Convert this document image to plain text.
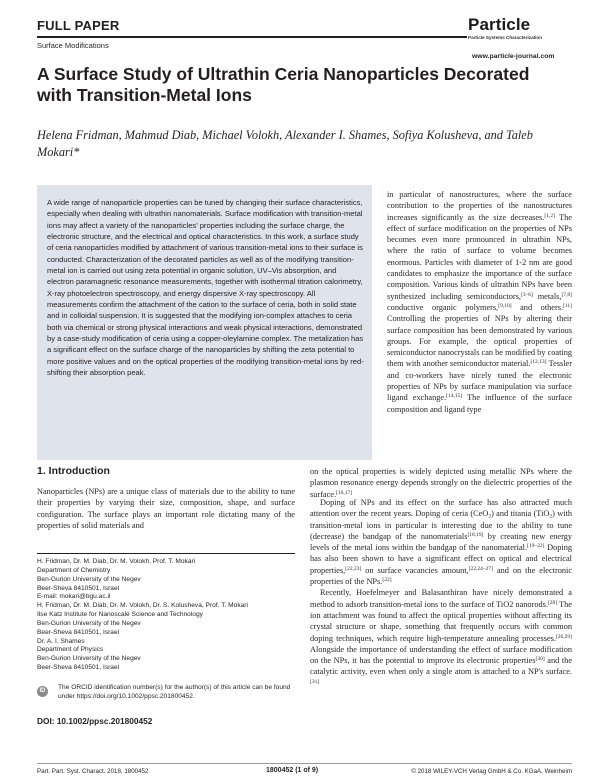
FULL PAPER
Surface Modifications
Particle
Particle Systems Characterization
www.particle-journal.com
A Surface Study of Ultrathin Ceria Nanoparticles Decorated with Transition-Metal Ions
Helena Fridman, Mahmud Diab, Michael Volokh, Alexander I. Shames, Sofiya Kolusheva, and Taleb Mokari*
A wide range of nanoparticle properties can be tuned by changing their surface characteristics, especially when dealing with ultrathin nanomaterials. Surface modification with transition-metal ions may affect a variety of the nanoparticles' properties including the surface charge, the electronic structure, and the electrical and optical characteristics. In this work, a surface study of ceria nanoparticles modified by attachment of various transition-metal ions to their surface is conducted. Characterization of the decorated particles as well as of the modifying transition-metal ion is carried out using zeta potential in organic solution, UV–Vis absorption, and electron paramagnetic resonance measurements, together with isothermal titration calorimetry, X-ray photoelectron spectroscopy, and energy dispersive X-ray spectroscopy. All measurements confirm the attachment of the cation to the surface of ceria, both in solid state and in colloidal suspension. It is suggested that the modifying ion-complex attaches to ceria both via chemical or strong physical interactions and weak physical interactions, demonstrated by a case-study modification of ceria using a copper-oleylamine complex. The metalization has a significant effect on the surface charge of the nanoparticles by shifting the zeta potential to more positive values and on the optical properties of the modifying transition-metal ions by red-shifting their absorption peak.

in particular of nanostructures, where the surface contribution to the properties of the nanostructures increases significantly as the size decreases.[1,2] The effect of surface modification on the properties of NPs becomes even more pronounced in ultrathin NPs, where the ratio of surface to volume becomes enormous. Particles with diameter of 1-2 nm are good candidates to emphasize the importance of the surface composition. Various kinds of ultrathin NPs have been synthesized including semiconductors,[3–6] metals,[7,8] conductive organic polymers,[9,10] and others.[11] Controlling the properties of NPs by altering their surface composition has been demonstrated by various groups. For example, the optical properties of semiconductor nanocrystals can be modified by coating them with another semiconductor material.[12,13] Tessler and co-workers have nicely tuned the electronic properties of NPs by surface manipulation via surface ligand exchange.[14,15] The influence of the surface composition and ligand type

on the optical properties is widely depicted using metallic NPs where the plasmon resonance energy depends strongly on the dielectric properties of the surface.[16,17]

Doping of NPs and its effect on the surface has also attracted much attention over the recent years. Doping of ceria (CeO$_2$) and titania (TiO$_2$) with transition-metal ions in particular is interesting due to the ability to tune (decrease) the bandgap of the nanomaterials[18,19] by creating new energy levels of the metal ions within the bandgap of the nanomaterial.[19–22] Doping has also been shown to have a significant effect on optical and electrical properties,[22,23] on surface vacancies amount,[22,24–27] and on the electronic properties of the NPs.[22]

Recently, Hoefelmeyer and Balasanthiran have nicely demonstrated a method to adsorb transition-metal ions to the surface of TiO2 nanorods.[28] The ion attachment was found to affect the optical properties without affecting its crystal structure or shape, something that frequently occurs with common doping techniques, which require high-temperature annealing processes.[26,29] Alongside the importance of understanding the effect of surface modification on the NPs, it has the potential to improve its electronic properties[30] and the catalytic activity, even when only a single atom is attached to a NP's surface.[31]

1. Introduction
Nanoparticles (NPs) are a unique class of materials due to the ability to tune their properties by varying their size, composition, shape, and surface configuration. The surface plays an important role dictating many of the properties of solid materials and
H. Fridman, Dr. M. Diab, Dr. M. Volokh, Prof. T. Mokari
Department of Chemistry
Ben-Gurion University of the Negev
Beer-Sheva 8410501, Israel
E-mail: mokari@bgu.ac.il
H. Fridman, Dr. M. Diab, Dr. M. Volokh, Dr. S. Kolusheva, Prof. T. Mokari
Ilse Katz Institute for Nanoscale Science and Technology
Ben-Gurion University of the Negev
Beer-Sheva 8410501, Israel
Dr. A. I. Shames
Department of Physics
Ben-Gurion University of the Negev
Beer-Sheva 8410501, Israel
ID	The ORCID identification number(s) for the author(s) of this article can be found under https://doi.org/10.1002/ppsc.201800452.
DOI: 10.1002/ppsc.201800452
Part. Part. Syst. Charact. 2018, 1800452	1800452 (1 of 9)	© 2018 WILEY-VCH Verlag GmbH & Co. KGaA, Weinheim
